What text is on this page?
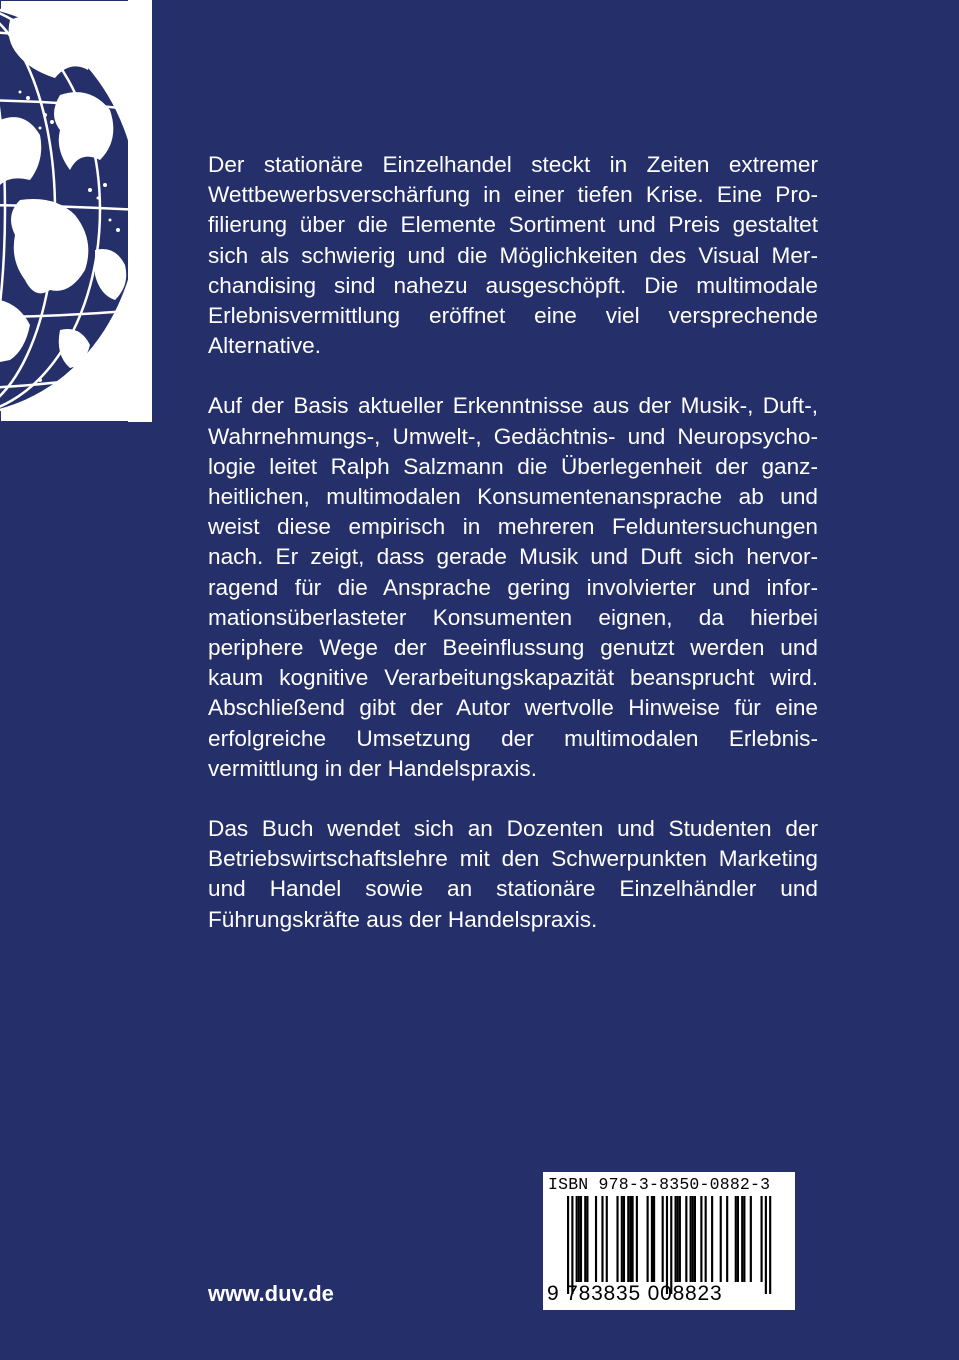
Der stationäre Einzelhandel steckt in Zeiten extremer Wettbewerbsverschärfung in einer tiefen Krise. Eine Profilierung über die Elemente Sortiment und Preis gestaltet sich als schwierig und die Möglichkeiten des Visual Merchandising sind nahezu ausgeschöpft. Die multimodale Erlebnisvermittlung eröffnet eine viel versprechende Alternative.

Auf der Basis aktueller Erkenntnisse aus der Musik-, Duft-, Wahrnehmungs-, Umwelt-, Gedächtnis- und Neuropsychologie leitet Ralph Salzmann die Überlegenheit der ganzheitlichen, multimodalen Konsumentenansprache ab und weist diese empirisch in mehreren Felduntersuchungen nach. Er zeigt, dass gerade Musik und Duft sich hervorragend für die Ansprache gering involvierter und informationsüberlasteter Konsumenten eignen, da hierbei periphere Wege der Beeinflussung genutzt werden und kaum kognitive Verarbeitungskapazität beansprucht wird. Abschließend gibt der Autor wertvolle Hinweise für eine erfolgreiche Umsetzung der multimodalen Erlebnisvermittlung in der Handelspraxis.

Das Buch wendet sich an Dozenten und Studenten der Betriebswirtschaftslehre mit den Schwerpunkten Marketing und Handel sowie an stationäre Einzelhändler und Führungskräfte aus der Handelspraxis.

www.duv.de
ISBN 978-3-8350-0882-3
9 783835 008823
